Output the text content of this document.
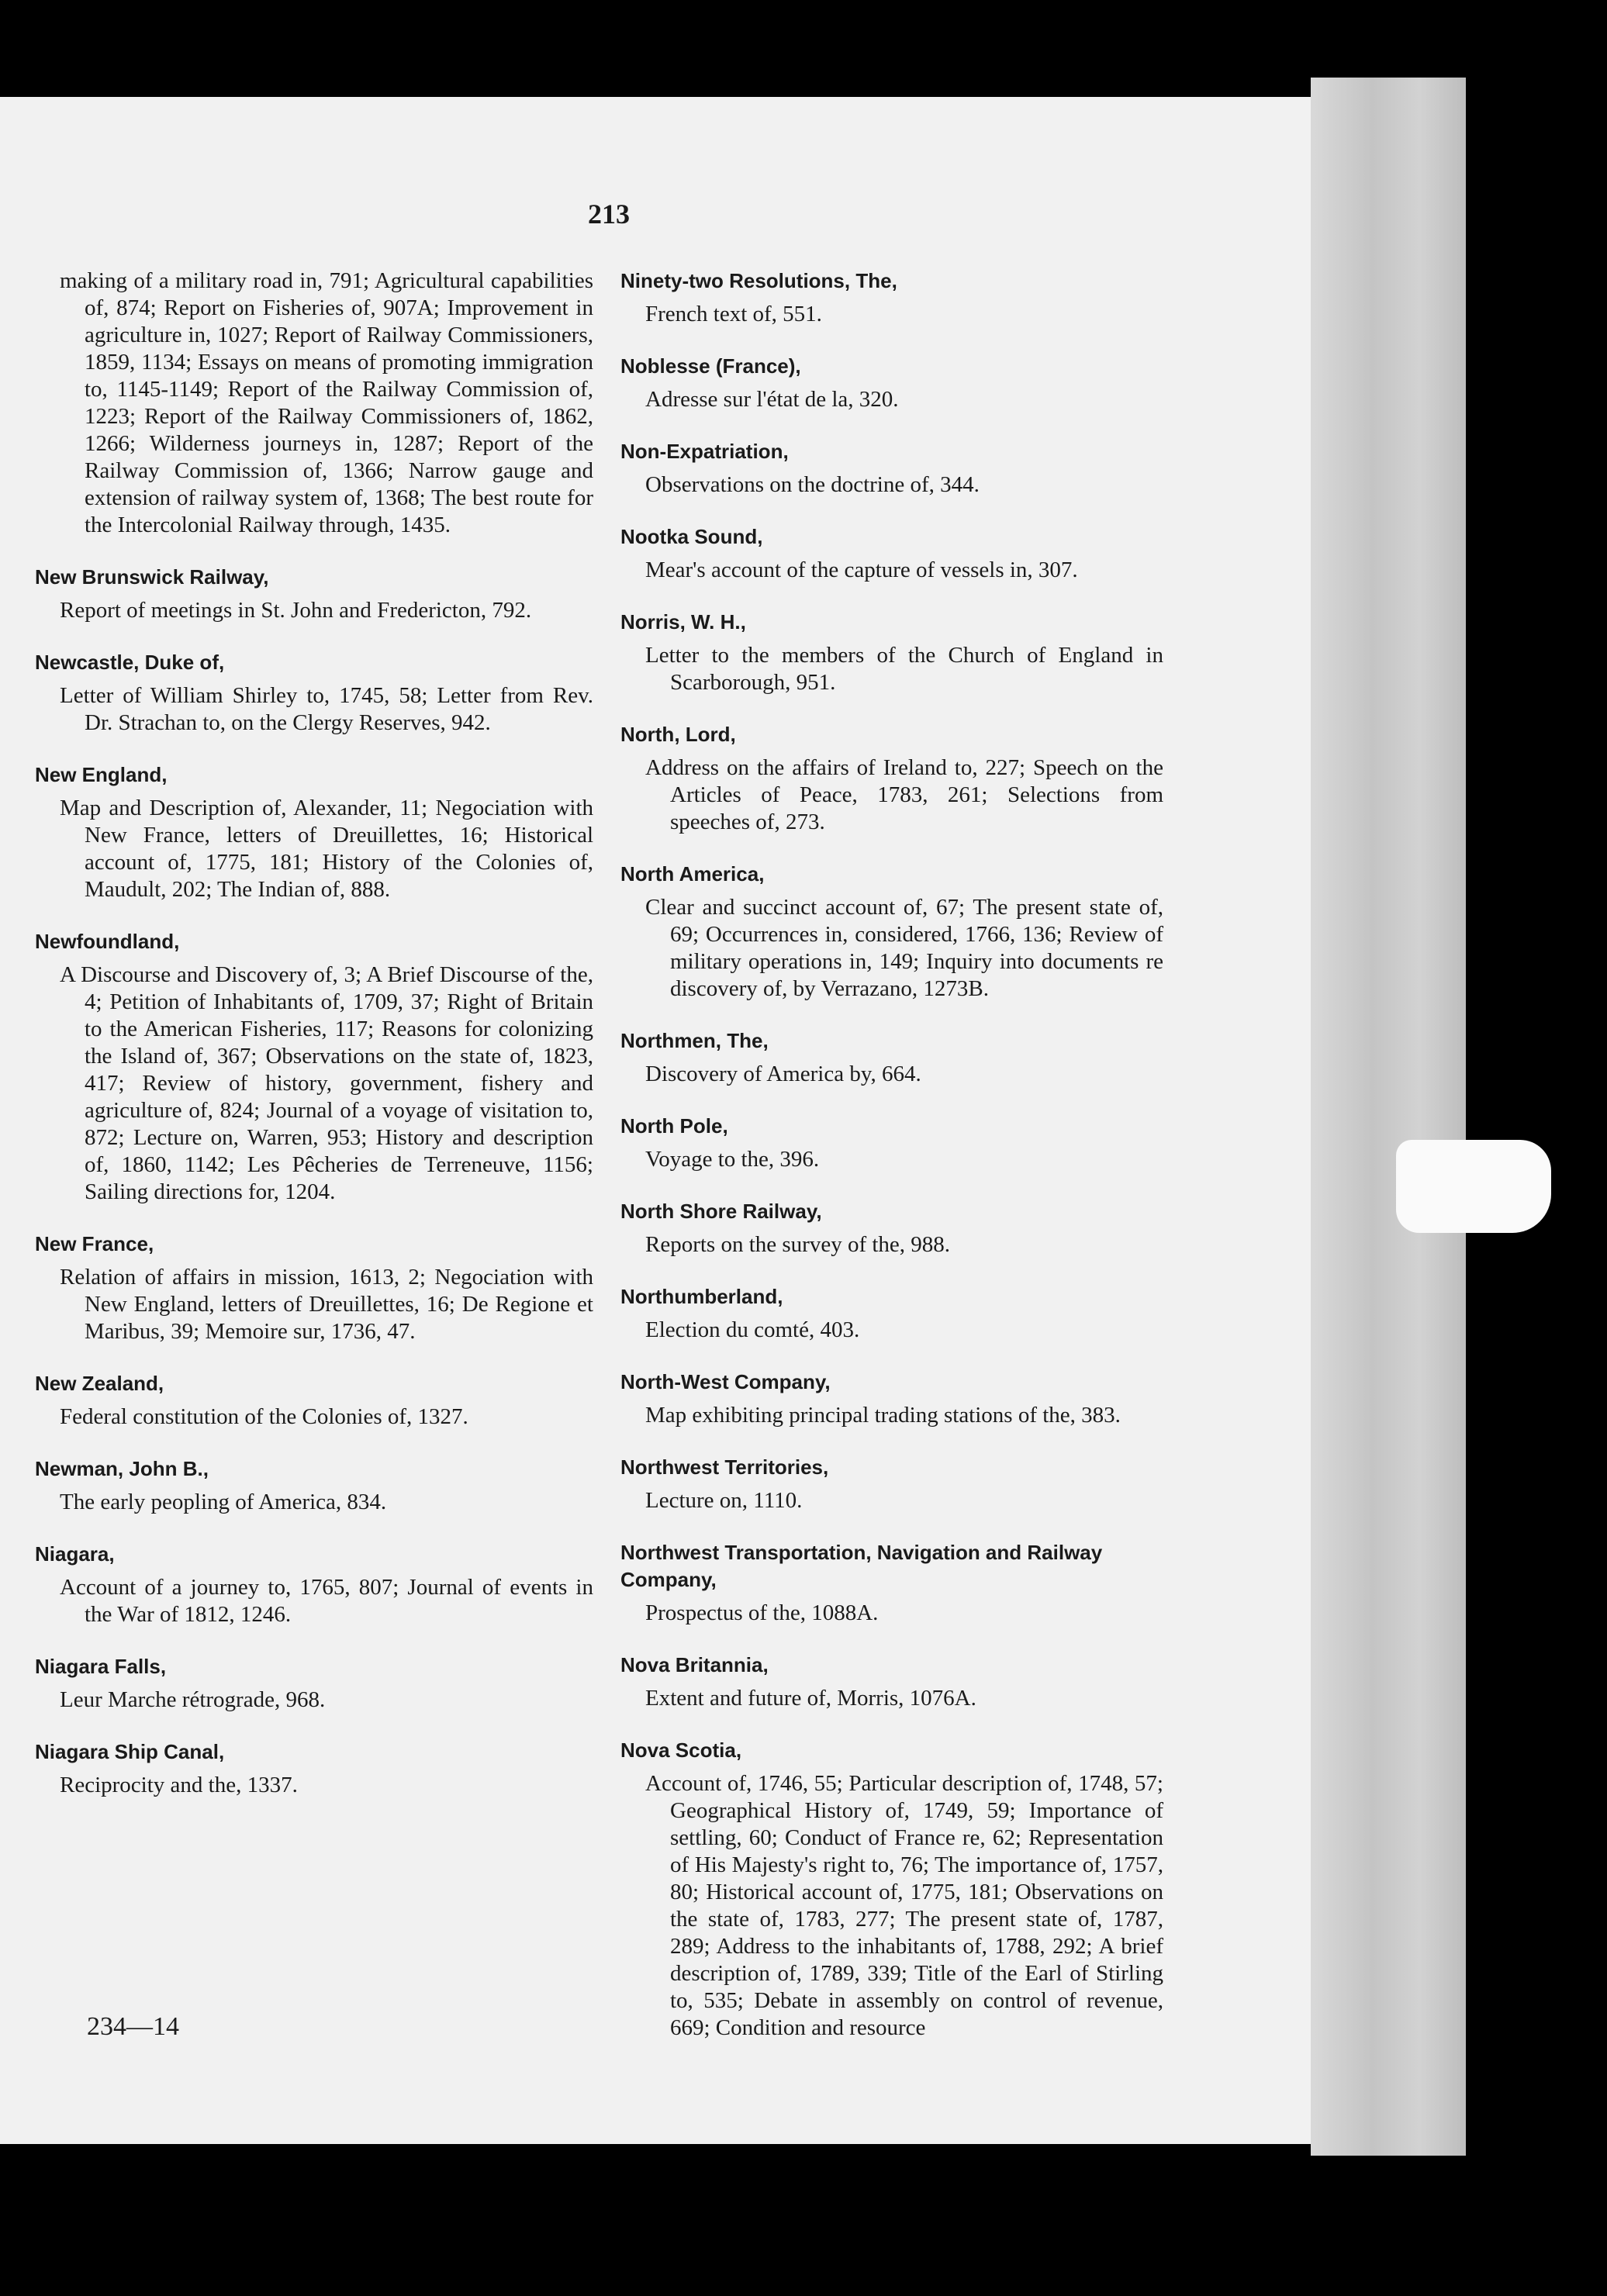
213
making of a military road in, 791; Agricultural capabilities of, 874; Report on Fisheries of, 907A; Improvement in agriculture in, 1027; Report of Railway Commissioners, 1859, 1134; Essays on means of promoting immigration to, 1145-1149; Report of the Railway Commission of, 1223; Report of the Railway Commissioners of, 1862, 1266; Wilderness journeys in, 1287; Report of the Railway Commission of, 1366; Narrow gauge and extension of railway system of, 1368; The best route for the Intercolonial Railway through, 1435.
New Brunswick Railway,
Report of meetings in St. John and Fredericton, 792.
Newcastle, Duke of,
Letter of William Shirley to, 1745, 58; Letter from Rev. Dr. Strachan to, on the Clergy Reserves, 942.
New England,
Map and Description of, Alexander, 11; Negociation with New France, letters of Dreuillettes, 16; Historical account of, 1775, 181; History of the Colonies of, Maudult, 202; The Indian of, 888.
Newfoundland,
A Discourse and Discovery of, 3; A Brief Discourse of the, 4; Petition of Inhabitants of, 1709, 37; Right of Britain to the American Fisheries, 117; Reasons for colonizing the Island of, 367; Observations on the state of, 1823, 417; Review of history, government, fishery and agriculture of, 824; Journal of a voyage of visitation to, 872; Lecture on, Warren, 953; History and description of, 1860, 1142; Les Pêcheries de Terreneuve, 1156; Sailing directions for, 1204.
New France,
Relation of affairs in mission, 1613, 2; Negociation with New England, letters of Dreuillettes, 16; De Regione et Maribus, 39; Memoire sur, 1736, 47.
New Zealand,
Federal constitution of the Colonies of, 1327.
Newman, John B.,
The early peopling of America, 834.
Niagara,
Account of a journey to, 1765, 807; Journal of events in the War of 1812, 1246.
Niagara Falls,
Leur Marche rétrograde, 968.
Niagara Ship Canal,
Reciprocity and the, 1337.
Ninety-two Resolutions, The,
French text of, 551.
Noblesse (France),
Adresse sur l'état de la, 320.
Non-Expatriation,
Observations on the doctrine of, 344.
Nootka Sound,
Mear's account of the capture of vessels in, 307.
Norris, W. H.,
Letter to the members of the Church of England in Scarborough, 951.
North, Lord,
Address on the affairs of Ireland to, 227; Speech on the Articles of Peace, 1783, 261; Selections from speeches of, 273.
North America,
Clear and succinct account of, 67; The present state of, 69; Occurrences in, considered, 1766, 136; Review of military operations in, 149; Inquiry into documents re discovery of, by Verrazano, 1273B.
Northmen, The,
Discovery of America by, 664.
North Pole,
Voyage to the, 396.
North Shore Railway,
Reports on the survey of the, 988.
Northumberland,
Election du comté, 403.
North-West Company,
Map exhibiting principal trading stations of the, 383.
Northwest Territories,
Lecture on, 1110.
Northwest Transportation, Navigation and Railway Company,
Prospectus of the, 1088A.
Nova Britannia,
Extent and future of, Morris, 1076A.
Nova Scotia,
Account of, 1746, 55; Particular description of, 1748, 57; Geographical History of, 1749, 59; Importance of settling, 60; Conduct of France re, 62; Representation of His Majesty's right to, 76; The importance of, 1757, 80; Historical account of, 1775, 181; Observations on the state of, 1783, 277; The present state of, 1787, 289; Address to the inhabitants of, 1788, 292; A brief description of, 1789, 339; Title of the Earl of Stirling to, 535; Debate in assembly on control of revenue, 669; Condition and resource
234—14
